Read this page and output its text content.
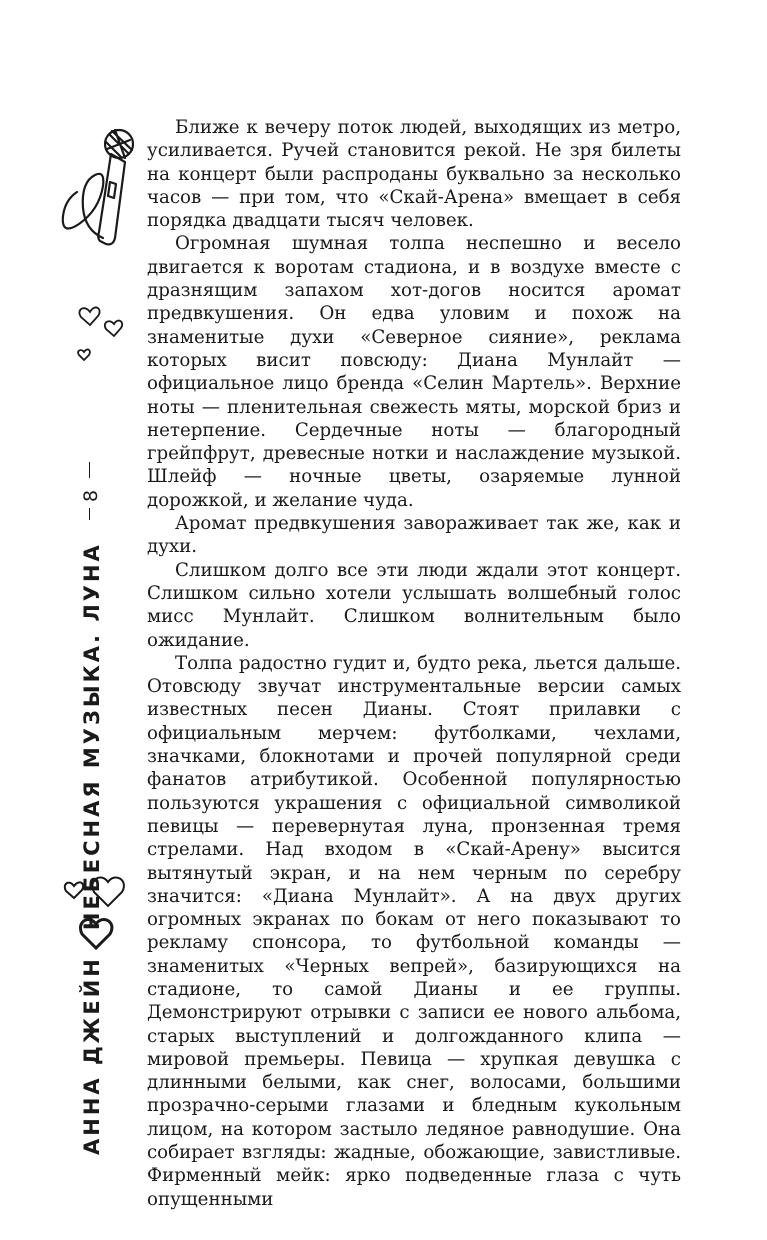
8
АННА ДЖЕЙННЕБЕСНАЯ МУЗЫКА. ЛУНА

Ближе к вечеру поток людей, выходящих из метро, усиливается. Ручей становится рекой. Не зря билеты на концерт были распроданы буквально за несколько часов — при том, что «Скай-Арена» вмещает в себя порядка двадцати тысяч человек.

Огромная шумная толпа неспешно и весело двигается к воротам стадиона, и в воздухе вместе с дразнящим запахом хот-догов носится аромат предвкушения. Он едва уловим и похож на знаменитые духи «Северное сияние», реклама которых висит повсюду: Диана Мунлайт — официальное лицо бренда «Селин Мартель». Верхние ноты — пленительная свежесть мяты, морской бриз и нетерпение. Сердечные ноты — благородный грейпфрут, древесные нотки и наслаждение музыкой. Шлейф — ночные цветы, озаряемые лунной дорожкой, и желание чуда.

Аромат предвкушения завораживает так же, как и духи.

Слишком долго все эти люди ждали этот концерт. Слишком сильно хотели услышать волшебный голос мисс Мунлайт. Слишком волнительным было ожидание.

Толпа радостно гудит и, будто река, льется дальше. Отовсюду звучат инструментальные версии самых известных песен Дианы. Стоят прилавки с официальным мерчем: футболками, чехлами, значками, блокнотами и прочей популярной среди фанатов атрибутикой. Особенной популярностью пользуются украшения с официальной символикой певицы — перевернутая луна, пронзенная тремя стрелами. Над входом в «Скай-Арену» высится вытянутый экран, и на нем черным по серебру значится: «Диана Мунлайт». А на двух других огромных экранах по бокам от него показывают то рекламу спонсора, то футбольной команды — знаменитых «Черных вепрей», базирующихся на стадионе, то самой Дианы и ее группы. Демонстрируют отрывки с записи ее нового альбома, старых выступлений и долгожданного клипа — мировой премьеры. Певица — хрупкая девушка с длинными белыми, как снег, волосами, большими прозрачно-серыми глазами и бледным кукольным лицом, на котором застыло ледяное равнодушие. Она собирает взгляды: жадные, обожающие, завистливые. Фирменный мейк: ярко подведенные глаза с чуть опущенными
